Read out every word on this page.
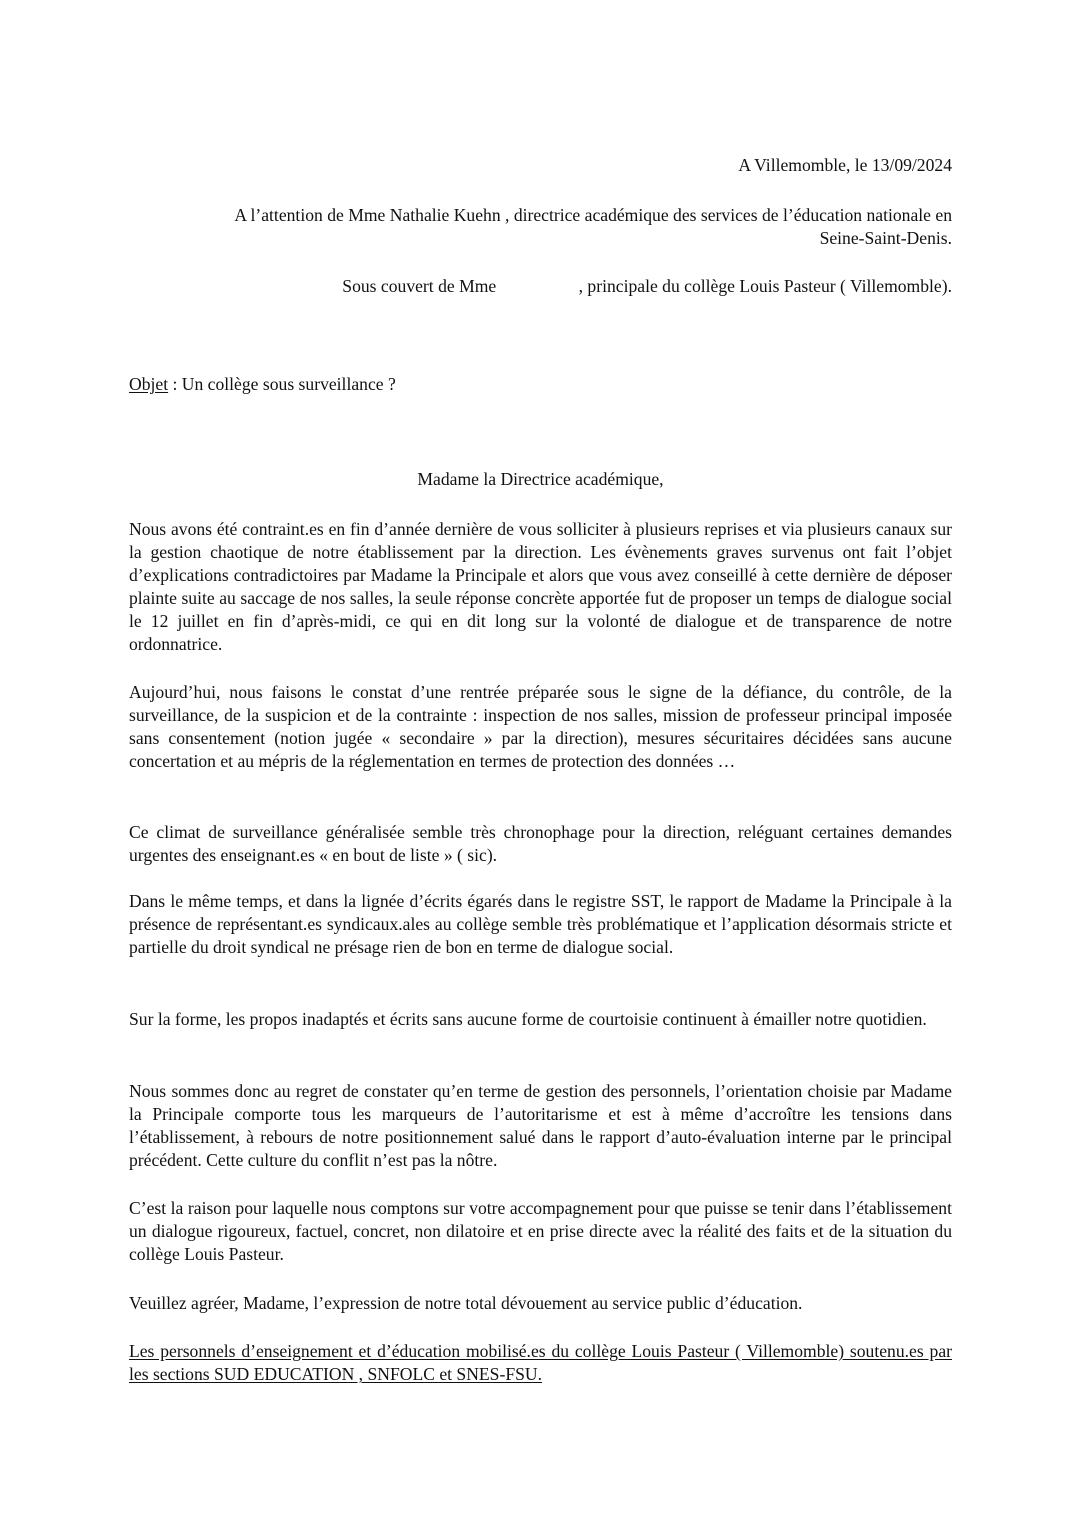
A Villemomble, le 13/09/2024

A l’attention de Mme Nathalie Kuehn , directrice académique des services de l’éducation nationale en

Seine-Saint-Denis.

Sous couvert de Mme	, principale du collège Louis Pasteur ( Villemomble).

Objet : Un collège sous surveillance ?

Madame la Directrice académique,

Nous avons été contraint.es en fin d’année dernière de vous solliciter à plusieurs reprises et via plusieurs canaux sur la gestion chaotique de notre établissement par la direction. Les évènements graves survenus ont fait l’objet d’explications contradictoires par Madame la Principale et alors que vous avez conseillé à cette dernière de déposer plainte suite au saccage de nos salles, la seule réponse concrète apportée fut de proposer un temps de dialogue social le 12 juillet en fin d’après-midi, ce qui en dit long sur la volonté de dialogue et de transparence de notre ordonnatrice.

Aujourd’hui, nous faisons le constat d’une rentrée préparée sous le signe de la défiance, du contrôle, de la surveillance, de la suspicion et de la contrainte : inspection de nos salles, mission de professeur principal imposée sans consentement (notion jugée « secondaire » par la direction), mesures sécuritaires décidées sans aucune concertation et au mépris de la réglementation en termes de protection des données …

Ce climat de surveillance généralisée semble très chronophage pour la direction, reléguant certaines demandes urgentes des enseignant.es « en bout de liste » ( sic).

Dans le même temps, et dans la lignée d’écrits égarés dans le registre SST, le rapport de Madame la Principale à la présence de représentant.es syndicaux.ales au collège semble très problématique et l’application désormais stricte et partielle du droit syndical ne présage rien de bon en terme de dialogue social.

Sur la forme, les propos inadaptés et écrits sans aucune forme de courtoisie continuent à émailler notre quotidien.

Nous sommes donc au regret de constater qu’en terme de gestion des personnels, l’orientation choisie par Madame la Principale comporte tous les marqueurs de l’autoritarisme et est à même d’accroître les tensions dans l’établissement, à rebours de notre positionnement salué dans le rapport d’auto-évaluation interne par le principal précédent. Cette culture du conflit n’est pas la nôtre.

C’est la raison pour laquelle nous comptons sur votre accompagnement pour que puisse se tenir dans l’établissement un dialogue rigoureux, factuel, concret, non dilatoire et en prise directe avec la réalité des faits et de la situation du collège Louis Pasteur.

Veuillez agréer, Madame, l’expression de notre total dévouement au service public d’éducation.

Les personnels d’enseignement et d’éducation mobilisé.es du collège Louis Pasteur ( Villemomble) soutenu.es par les sections SUD EDUCATION , SNFOLC et SNES-FSU.
